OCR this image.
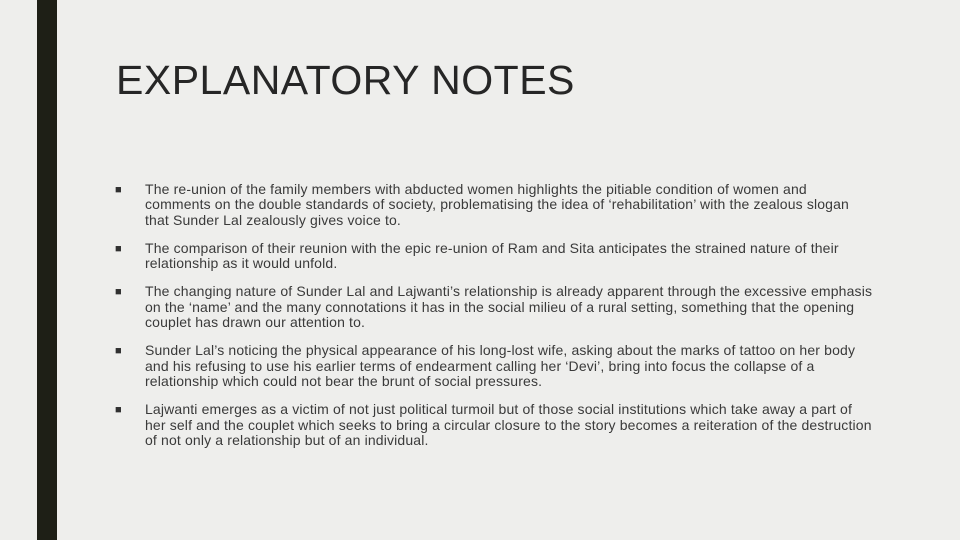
EXPLANATORY NOTES
■ The re-union of the family members with abducted women highlights the pitiable condition of women and comments on the double standards of society, problematising the idea of ‘rehabilitation’ with the zealous slogan that Sunder Lal zealously gives voice to.
■ The comparison of their reunion with the epic re-union of Ram and Sita anticipates the strained nature of their relationship as it would unfold.
■ The changing nature of Sunder Lal and Lajwanti’s relationship is already apparent through the excessive emphasis on the ‘name’ and the many connotations it has in the social milieu of a rural setting, something that the opening couplet has drawn our attention to.
■ Sunder Lal’s noticing the physical appearance of his long-lost wife, asking about the marks of tattoo on her body and his refusing to use his earlier terms of endearment calling her ‘Devi’, bring into focus the collapse of a relationship which could not bear the brunt of social pressures.
■ Lajwanti emerges as a victim of not just political turmoil but of those social institutions which take away a part of her self and the couplet which seeks to bring a circular closure to the story becomes a reiteration of the destruction of not only a relationship but of an individual.
